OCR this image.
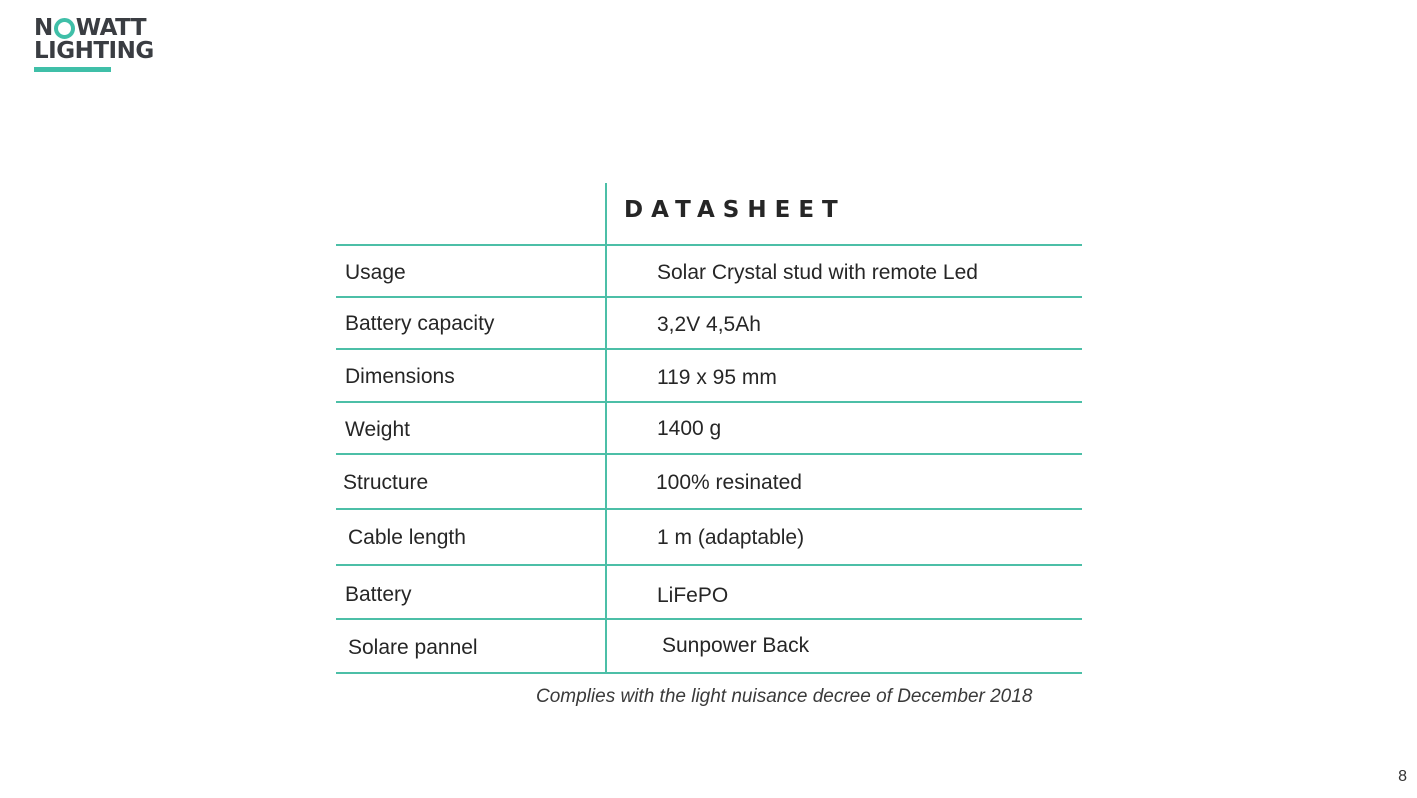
N WATT
LIGHTING
DATASHEET
Usage	Solar Crystal stud with remote Led
Battery capacity	3,2V 4,5Ah
Dimensions	119 x 95 mm
Weight	1400 g
Structure	100% resinated
Cable length	1 m (adaptable)
Battery	LiFePO
Solare pannel	Sunpower Back
Complies with the light nuisance decree of December 2018
8
